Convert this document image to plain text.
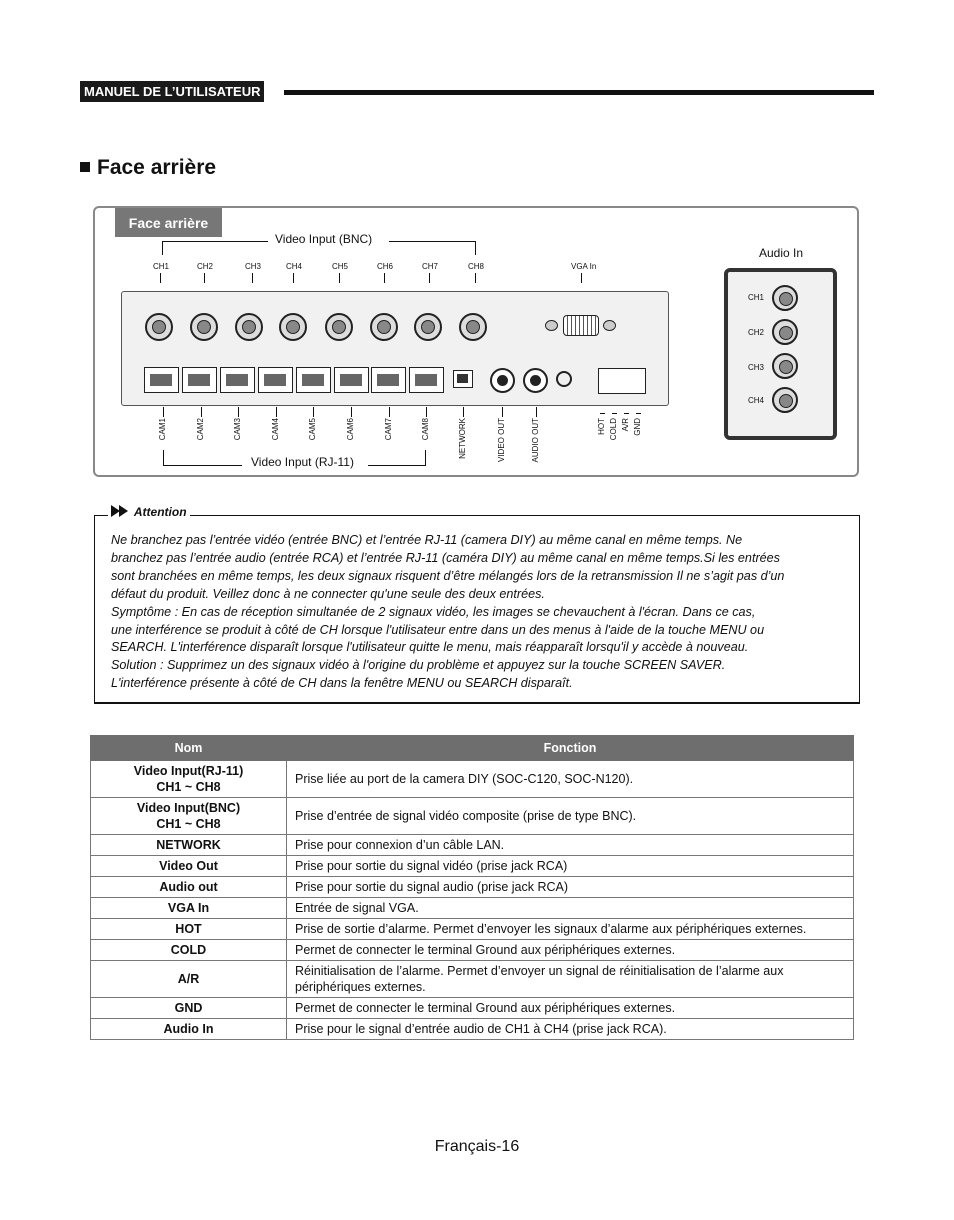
MANUEL DE L’UTILISATEUR
Face arrière
Face arrière
Video Input (BNC)
CH1	CH2	CH3	CH4	CH5	CH6	CH7	CH8	VGA In
CAM1	CAM2	CAM3	CAM4	CAM5	CAM6	CAM7	CAM8	NETWORK	VIDEO OUT	AUDIO OUT	HOT COLD A/R GND
Video Input (RJ-11)
Audio In
CH1
CH2
CH3
CH4
Attention
Ne branchez pas l’entrée vidéo (entrée BNC) et l’entrée RJ-11 (camera DIY) au même canal en même temps. Ne
branchez pas l’entrée audio (entrée RCA) et l’entrée RJ-11 (caméra DIY) au même canal en même temps.Si les entrées
sont branchées en même temps, les deux signaux risquent d’être mélangés lors de la retransmission Il ne s’agit pas d’un
défaut du produit. Veillez donc à ne connecter qu'une seule des deux entrées.
Symptôme : En cas de réception simultanée de 2 signaux vidéo, les images se chevauchent à l'écran. Dans ce cas,
une interférence se produit à côté de CH lorsque l'utilisateur entre dans un des menus à l'aide de la touche MENU ou
SEARCH. L'interférence disparaît lorsque l'utilisateur quitte le menu, mais réapparaît lorsqu'il y accède à nouveau.
Solution : Supprimez un des signaux vidéo à l'origine du problème et appuyez sur la touche SCREEN SAVER.
L'interférence présente à côté de CH dans la fenêtre MENU ou SEARCH disparaît.
Nom	Fonction

Video Input(RJ-11)
CH1 ~ CH8	Prise liée au port de la camera DIY (SOC-C120, SOC-N120).

Video Input(BNC)
CH1 ~ CH8	Prise d’entrée de signal vidéo composite (prise de type BNC).
NETWORK	Prise pour connexion d’un câble LAN.
Video Out	Prise pour sortie du signal vidéo (prise jack RCA)
Audio out	Prise pour sortie du signal audio (prise jack RCA)
VGA In	Entrée de signal VGA.
HOT	Prise de sortie d’alarme. Permet d’envoyer les signaux d’alarme aux périphériques externes.
COLD	Permet de connecter le terminal Ground aux périphériques externes.
A/R	Réinitialisation de l’alarme. Permet d’envoyer un signal de réinitialisation de l’alarme aux
périphériques externes.

GND	Permet de connecter le terminal Ground aux périphériques externes.
Audio In	Prise pour le signal d’entrée audio de CH1 à CH4 (prise jack RCA).
Français-16
